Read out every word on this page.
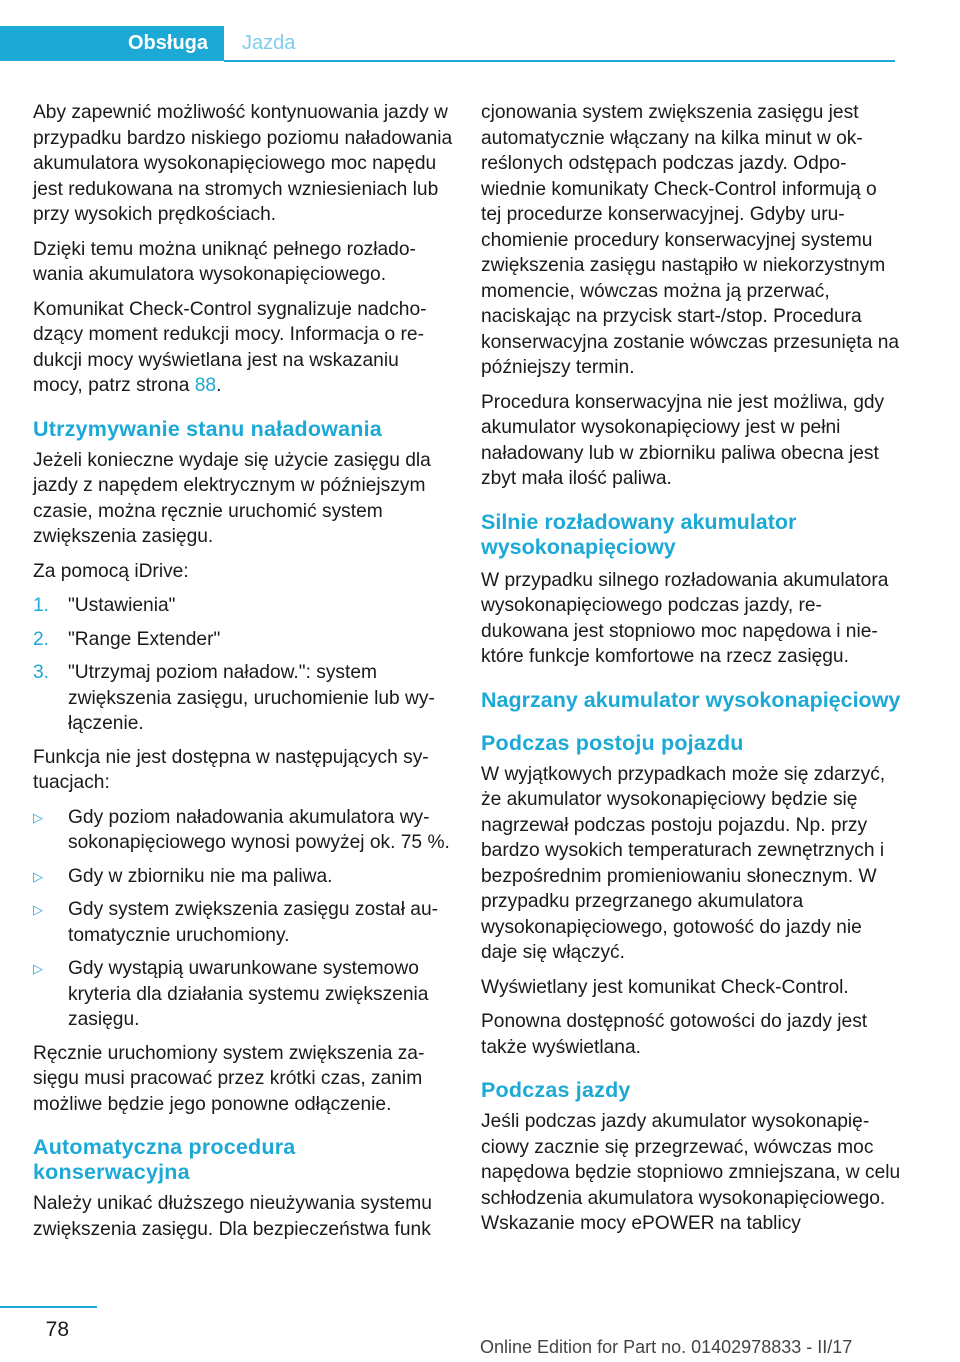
Obsługa	Jazda

Aby zapewnić możliwość kontynuowania jazdy w przypadku bardzo niskiego poziomu naładowania akumulatora wysokonapięciowego moc napędu jest redukowana na stromych wzniesieniach lub przy wysokich prędkościach.

Dzięki temu można uniknąć pełnego rozładowania akumulatora wysokonapięciowego.

Komunikat Check-Control sygnalizuje nadchodzący moment redukcji mocy. Informacja o redukcji mocy wyświetlana jest na wskazaniu mocy, patrz strona 88.

Utrzymywanie stanu naładowania

Jeżeli konieczne wydaje się użycie zasięgu dla jazdy z napędem elektrycznym w późniejszym czasie, można ręcznie uruchomić system zwiększenia zasięgu.

Za pomocą iDrive:

1. "Ustawienia"
2. "Range Extender"
3. "Utrzymaj poziom naładow.": system zwiększenia zasięgu, uruchomienie lub wyłączenie.

Funkcja nie jest dostępna w następujących sytuacjach:

▷ Gdy poziom naładowania akumulatora wysokonapięciowego wynosi powyżej ok. 75 %.
▷ Gdy w zbiorniku nie ma paliwa.
▷ Gdy system zwiększenia zasięgu został automatycznie uruchomiony.
▷ Gdy wystąpią uwarunkowane systemowo kryteria dla działania systemu zwiększenia zasięgu.

Ręcznie uruchomiony system zwiększenia zasięgu musi pracować przez krótki czas, zanim możliwe będzie jego ponowne odłączenie.

Automatyczna procedura konserwacyjna

Należy unikać dłuższego nieużywania systemu zwiększenia zasięgu. Dla bezpieczeństwa funk

cjonowania system zwiększenia zasięgu jest automatycznie włączany na kilka minut w określonych odstępach podczas jazdy. Odpowiednie komunikaty Check-Control informują o tej procedurze konserwacyjnej. Gdyby uruchomienie procedury konserwacyjnej systemu zwiększenia zasięgu nastąpiło w niekorzystnym momencie, wówczas można ją przerwać, naciskając na przycisk start-/stop. Procedura konserwacyjna zostanie wówczas przesunięta na późniejszy termin.

Procedura konserwacyjna nie jest możliwa, gdy akumulator wysokonapięciowy jest w pełni naładowany lub w zbiorniku paliwa obecna jest zbyt mała ilość paliwa.

Silnie rozładowany akumulator wysokonapięciowy

W przypadku silnego rozładowania akumulatora wysokonapięciowego podczas jazdy, redukowana jest stopniowo moc napędowa i niektóre funkcje komfortowe na rzecz zasięgu.

Nagrzany akumulator wysokonapięciowy
Podczas postoju pojazdu

W wyjątkowych przypadkach może się zdarzyć, że akumulator wysokonapięciowy będzie się nagrzewał podczas postoju pojazdu. Np. przy bardzo wysokich temperaturach zewnętrznych i bezpośrednim promieniowaniu słonecznym. W przypadku przegrzanego akumulatora wysokonapięciowego, gotowość do jazdy nie daje się włączyć.

Wyświetlany jest komunikat Check-Control.

Ponowna dostępność gotowości do jazdy jest także wyświetlana.

Podczas jazdy

Jeśli podczas jazdy akumulator wysokonapięciowy zacznie się przegrzewać, wówczas moc napędowa będzie stopniowo zmniejszana, w celu schłodzenia akumulatora wysokonapięciowego. Wskazanie mocy ePOWER na tablicy

78
Online Edition for Part no. 01402978833 - II/17
